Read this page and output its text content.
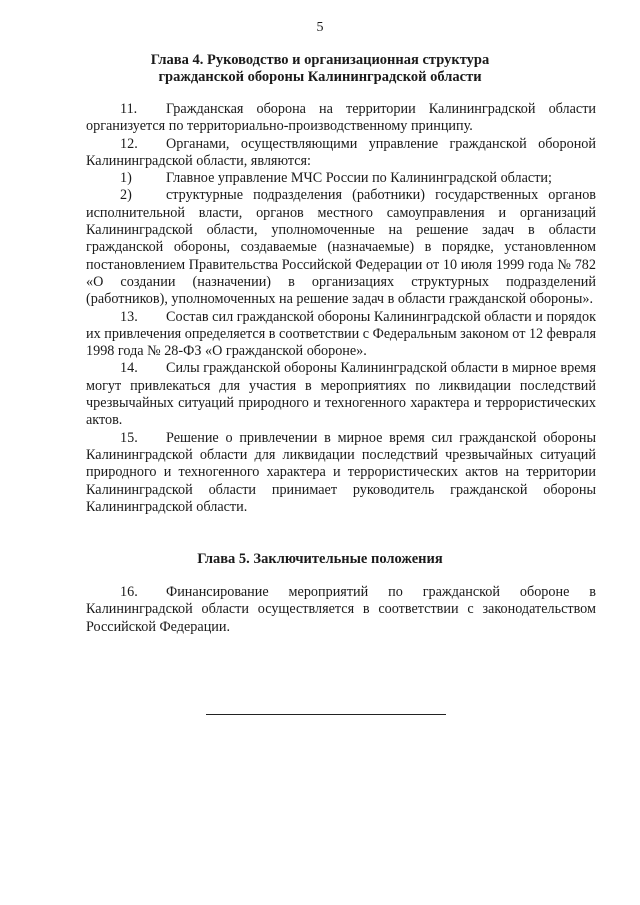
5
Глава 4. Руководство и организационная структура
гражданской обороны Калининградской области

11. Гражданская оборона на территории Калининградской области организуется по территориально-производственному принципу.

12. Органами, осуществляющими управление гражданской обороной Калининградской области, являются:

1) Главное управление МЧС России по Калининградской области;

2) структурные подразделения (работники) государственных органов исполнительной власти, органов местного самоуправления и организаций Калининградской области, уполномоченные на решение задач в области гражданской обороны, создаваемые (назначаемые) в порядке, установленном постановлением Правительства Российской Федерации от 10 июля 1999 года № 782 «О создании (назначении) в организациях структурных подразделений (работников), уполномоченных на решение задач в области гражданской обороны».

13. Состав сил гражданской обороны Калининградской области и порядок их привлечения определяется в соответствии с Федеральным законом от 12 февраля 1998 года № 28-ФЗ «О гражданской обороне».

14. Силы гражданской обороны Калининградской области в мирное время могут привлекаться для участия в мероприятиях по ликвидации последствий чрезвычайных ситуаций природного и техногенного характера и террористических актов.

15. Решение о привлечении в мирное время сил гражданской обороны Калининградской области для ликвидации последствий чрезвычайных ситуаций природного и техногенного характера и террористических актов на территории Калининградской области принимает руководитель гражданской обороны Калининградской области.

Глава 5. Заключительные положения

16. Финансирование мероприятий по гражданской обороне в Калининградской области осуществляется в соответствии с законодательством Российской Федерации.
